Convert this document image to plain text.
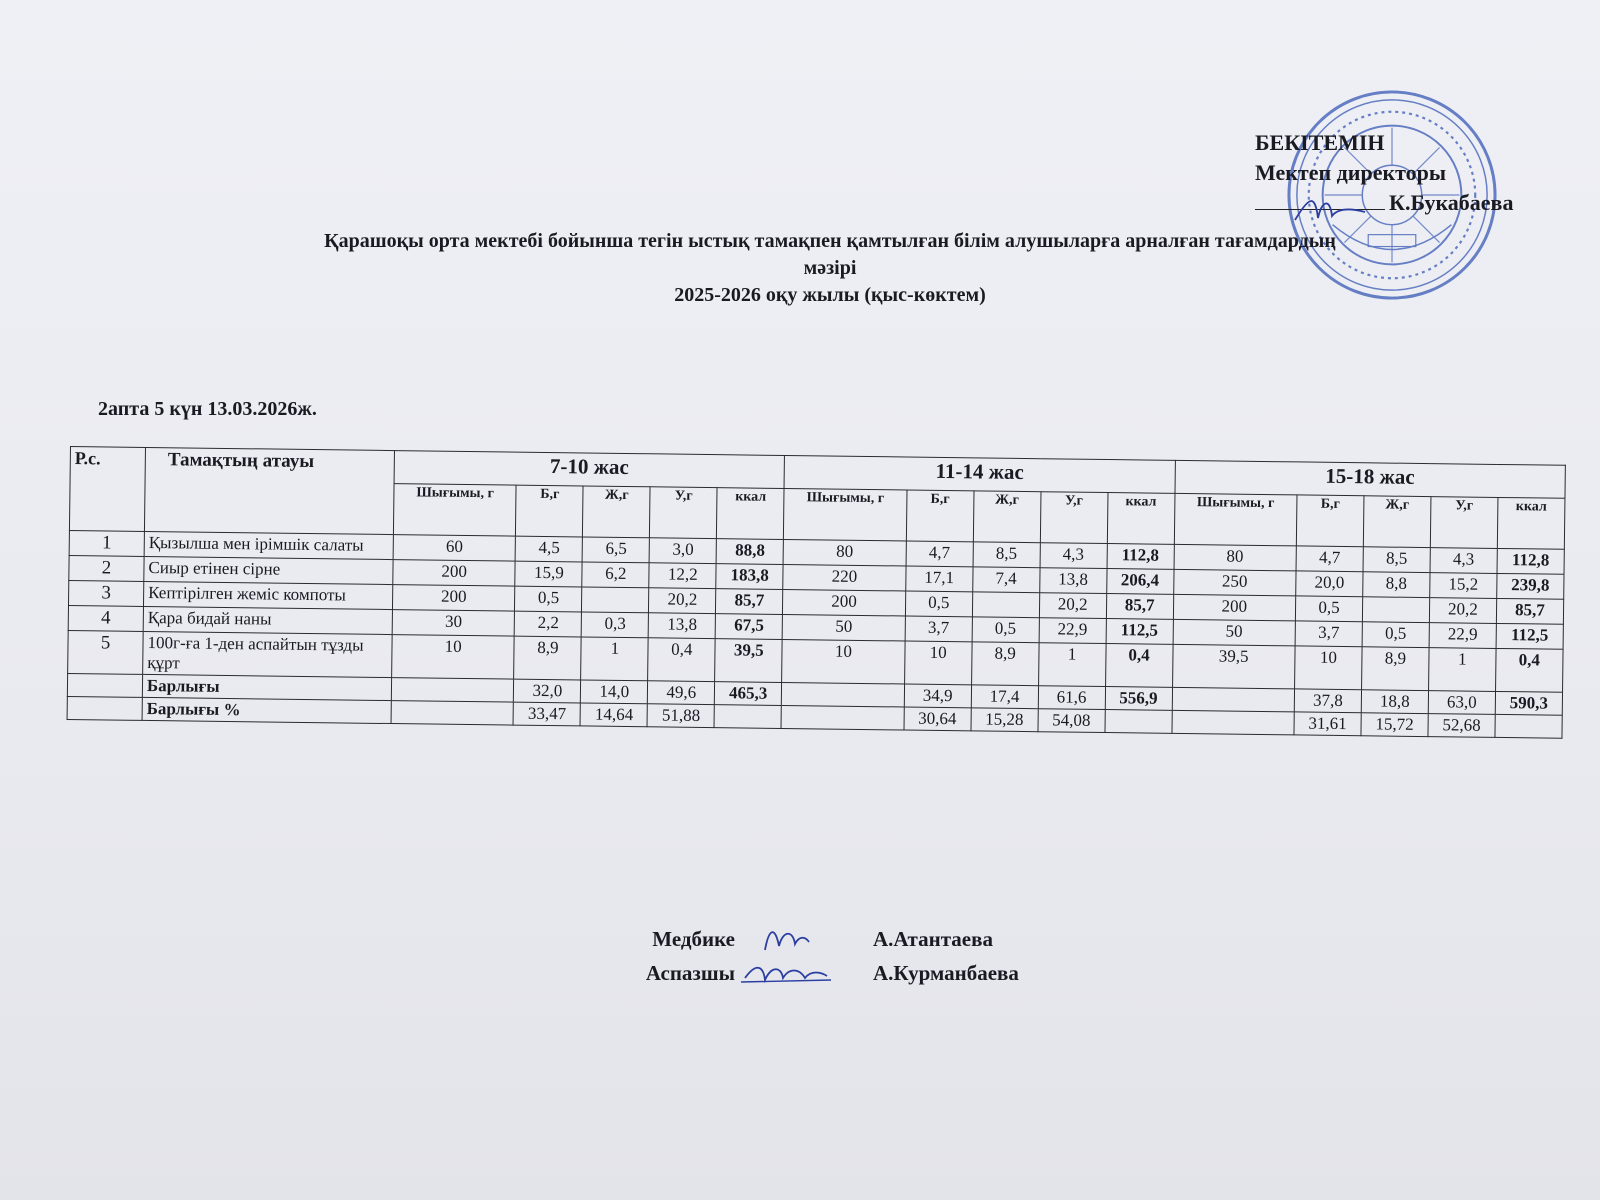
БЕКІТЕМІН
Мектеп директоры
К.Букабаева
Қарашоқы орта мектебі бойынша тегін ыстық тамақпен қамтылған білім алушыларға арналған тағамдардың
мәзірі
2025-2026 оқу жылы (қыс-көктем)
2апта 5 күн 13.03.2026ж.
Р.с.	Тамақтың атауы	7-10 жас					11-14 жас					15-18 жас				
		Шығымы, г	Б,г	Ж,г	У,г	ккал	Шығымы, г	Б,г	Ж,г	У,г	ккал	Шығымы, г	Б,г	Ж,г	У,г	ккал
1	Қызылша мен ірімшік салаты	60	4,5	6,5	3,0	88,8	80	4,7	8,5	4,3	112,8	80	4,7	8,5	4,3	112,8
2	Сиыр етінен сірне	200	15,9	6,2	12,2	183,8	220	17,1	7,4	13,8	206,4	250	20,0	8,8	15,2	239,8
3	Кептірілген жеміс компоты	200	0,5		20,2	85,7	200	0,5		20,2	85,7	200	0,5		20,2	85,7
4	Қара бидай наны	30	2,2	0,3	13,8	67,5	50	3,7	0,5	22,9	112,5	50	3,7	0,5	22,9	112,5
5	100г-ға 1-ден аспайтын тұзды құрт	10	8,9	1	0,4	39,5	10	10	8,9	1	0,4	39,5	10	8,9	1	0,4
	Барлығы		32,0	14,0	49,6	465,3		34,9	17,4	61,6	556,9		37,8	18,8	63,0	590,3
	Барлығы %		33,47	14,64	51,88			30,64	15,28	54,08			31,61	15,72	52,68	
Медбике	А.Атантаева
Аспазшы	А.Курманбаева
